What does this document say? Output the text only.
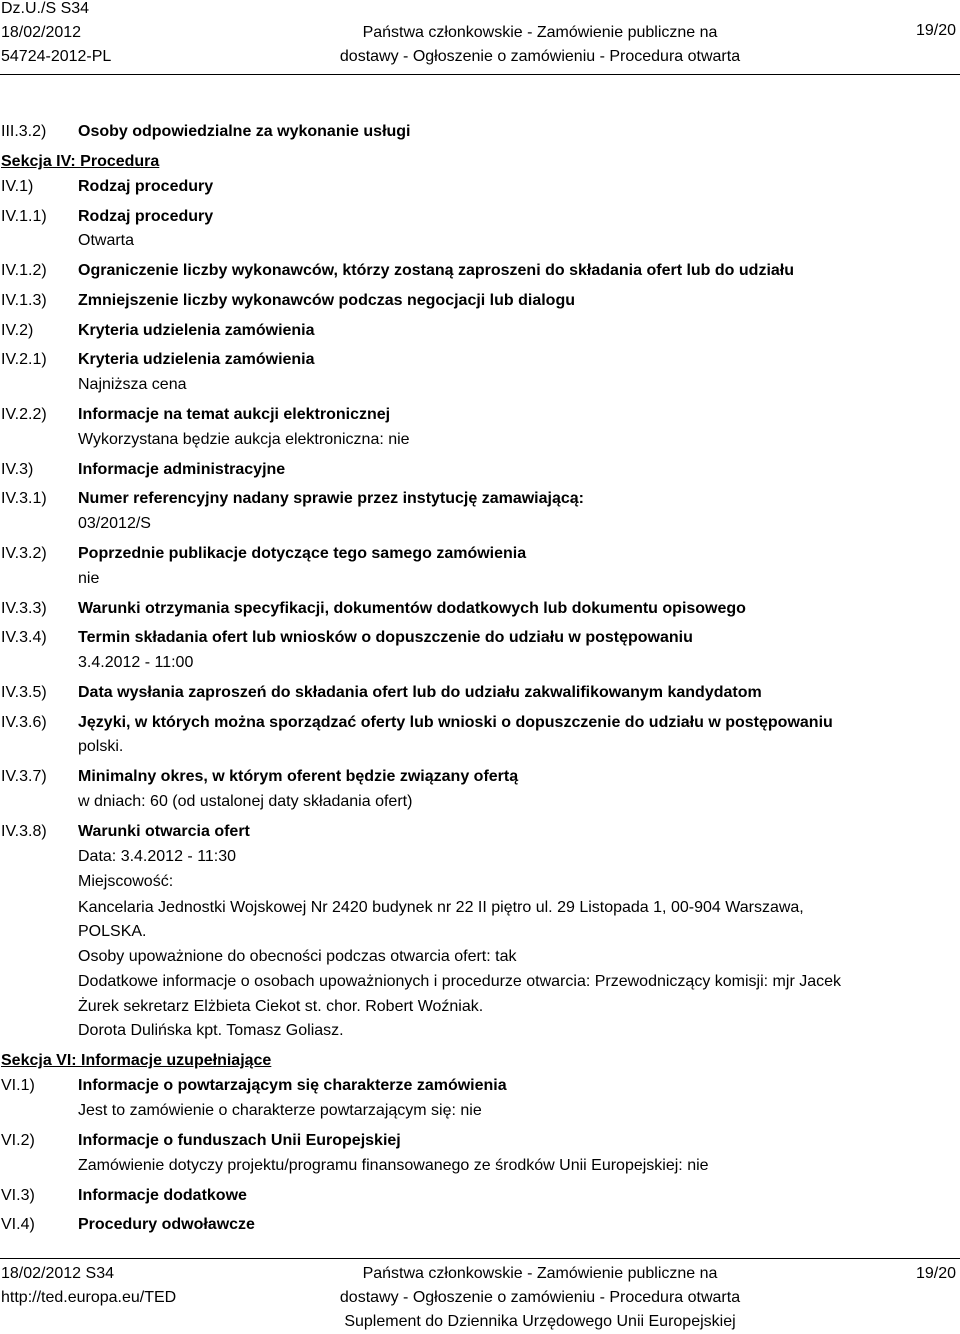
Dz.U./S S34
18/02/2012
54724-2012-PL
Państwa członkowskie - Zamówienie publiczne na
dostawy - Ogłoszenie o zamówieniu - Procedura otwarta
19/20
III.3.2) Osoby odpowiedzialne za wykonanie usługi
Sekcja IV: Procedura
IV.1)	Rodzaj procedury
IV.1.1) Rodzaj procedury
Otwarta
IV.1.2) Ograniczenie liczby wykonawców, którzy zostaną zaproszeni do składania ofert lub do udziału
IV.1.3) Zmniejszenie liczby wykonawców podczas negocjacji lub dialogu
IV.2)	Kryteria udzielenia zamówienia
IV.2.1) Kryteria udzielenia zamówienia
Najniższa cena
IV.2.2) Informacje na temat aukcji elektronicznej
Wykorzystana będzie aukcja elektroniczna: nie
IV.3)	Informacje administracyjne
IV.3.1) Numer referencyjny nadany sprawie przez instytucję zamawiającą:
03/2012/S
IV.3.2) Poprzednie publikacje dotyczące tego samego zamówienia
nie
IV.3.3) Warunki otrzymania specyfikacji, dokumentów dodatkowych lub dokumentu opisowego
IV.3.4) Termin składania ofert lub wniosków o dopuszczenie do udziału w postępowaniu
3.4.2012 - 11:00
IV.3.5) Data wysłania zaproszeń do składania ofert lub do udziału zakwalifikowanym kandydatom
IV.3.6) Języki, w których można sporządzać oferty lub wnioski o dopuszczenie do udziału w postępowaniu
polski.
IV.3.7) Minimalny okres, w którym oferent będzie związany ofertą
w dniach: 60 (od ustalonej daty składania ofert)
IV.3.8) Warunki otwarcia ofert
Data: 3.4.2012 - 11:30
Miejscowość:
Kancelaria Jednostki Wojskowej Nr 2420 budynek nr 22 II piętro ul. 29 Listopada 1, 00-904 Warszawa,
POLSKA.
Osoby upoważnione do obecności podczas otwarcia ofert: tak
Dodatkowe informacje o osobach upoważnionych i procedurze otwarcia: Przewodniczący komisji: mjr Jacek
Żurek sekretarz Elżbieta Ciekot st. chor. Robert Woźniak.
Dorota Dulińska kpt. Tomasz Goliasz.
Sekcja VI: Informacje uzupełniające
VI.1)	Informacje o powtarzającym się charakterze zamówienia
Jest to zamówienie o charakterze powtarzającym się: nie
VI.2)	Informacje o funduszach Unii Europejskiej
Zamówienie dotyczy projektu/programu finansowanego ze środków Unii Europejskiej: nie
VI.3)	Informacje dodatkowe
VI.4)	Procedury odwoławcze
18/02/2012 S34
http://ted.europa.eu/TED
Państwa członkowskie - Zamówienie publiczne na
dostawy - Ogłoszenie o zamówieniu - Procedura otwarta
Suplement do Dziennika Urzędowego Unii Europejskiej
19/20
